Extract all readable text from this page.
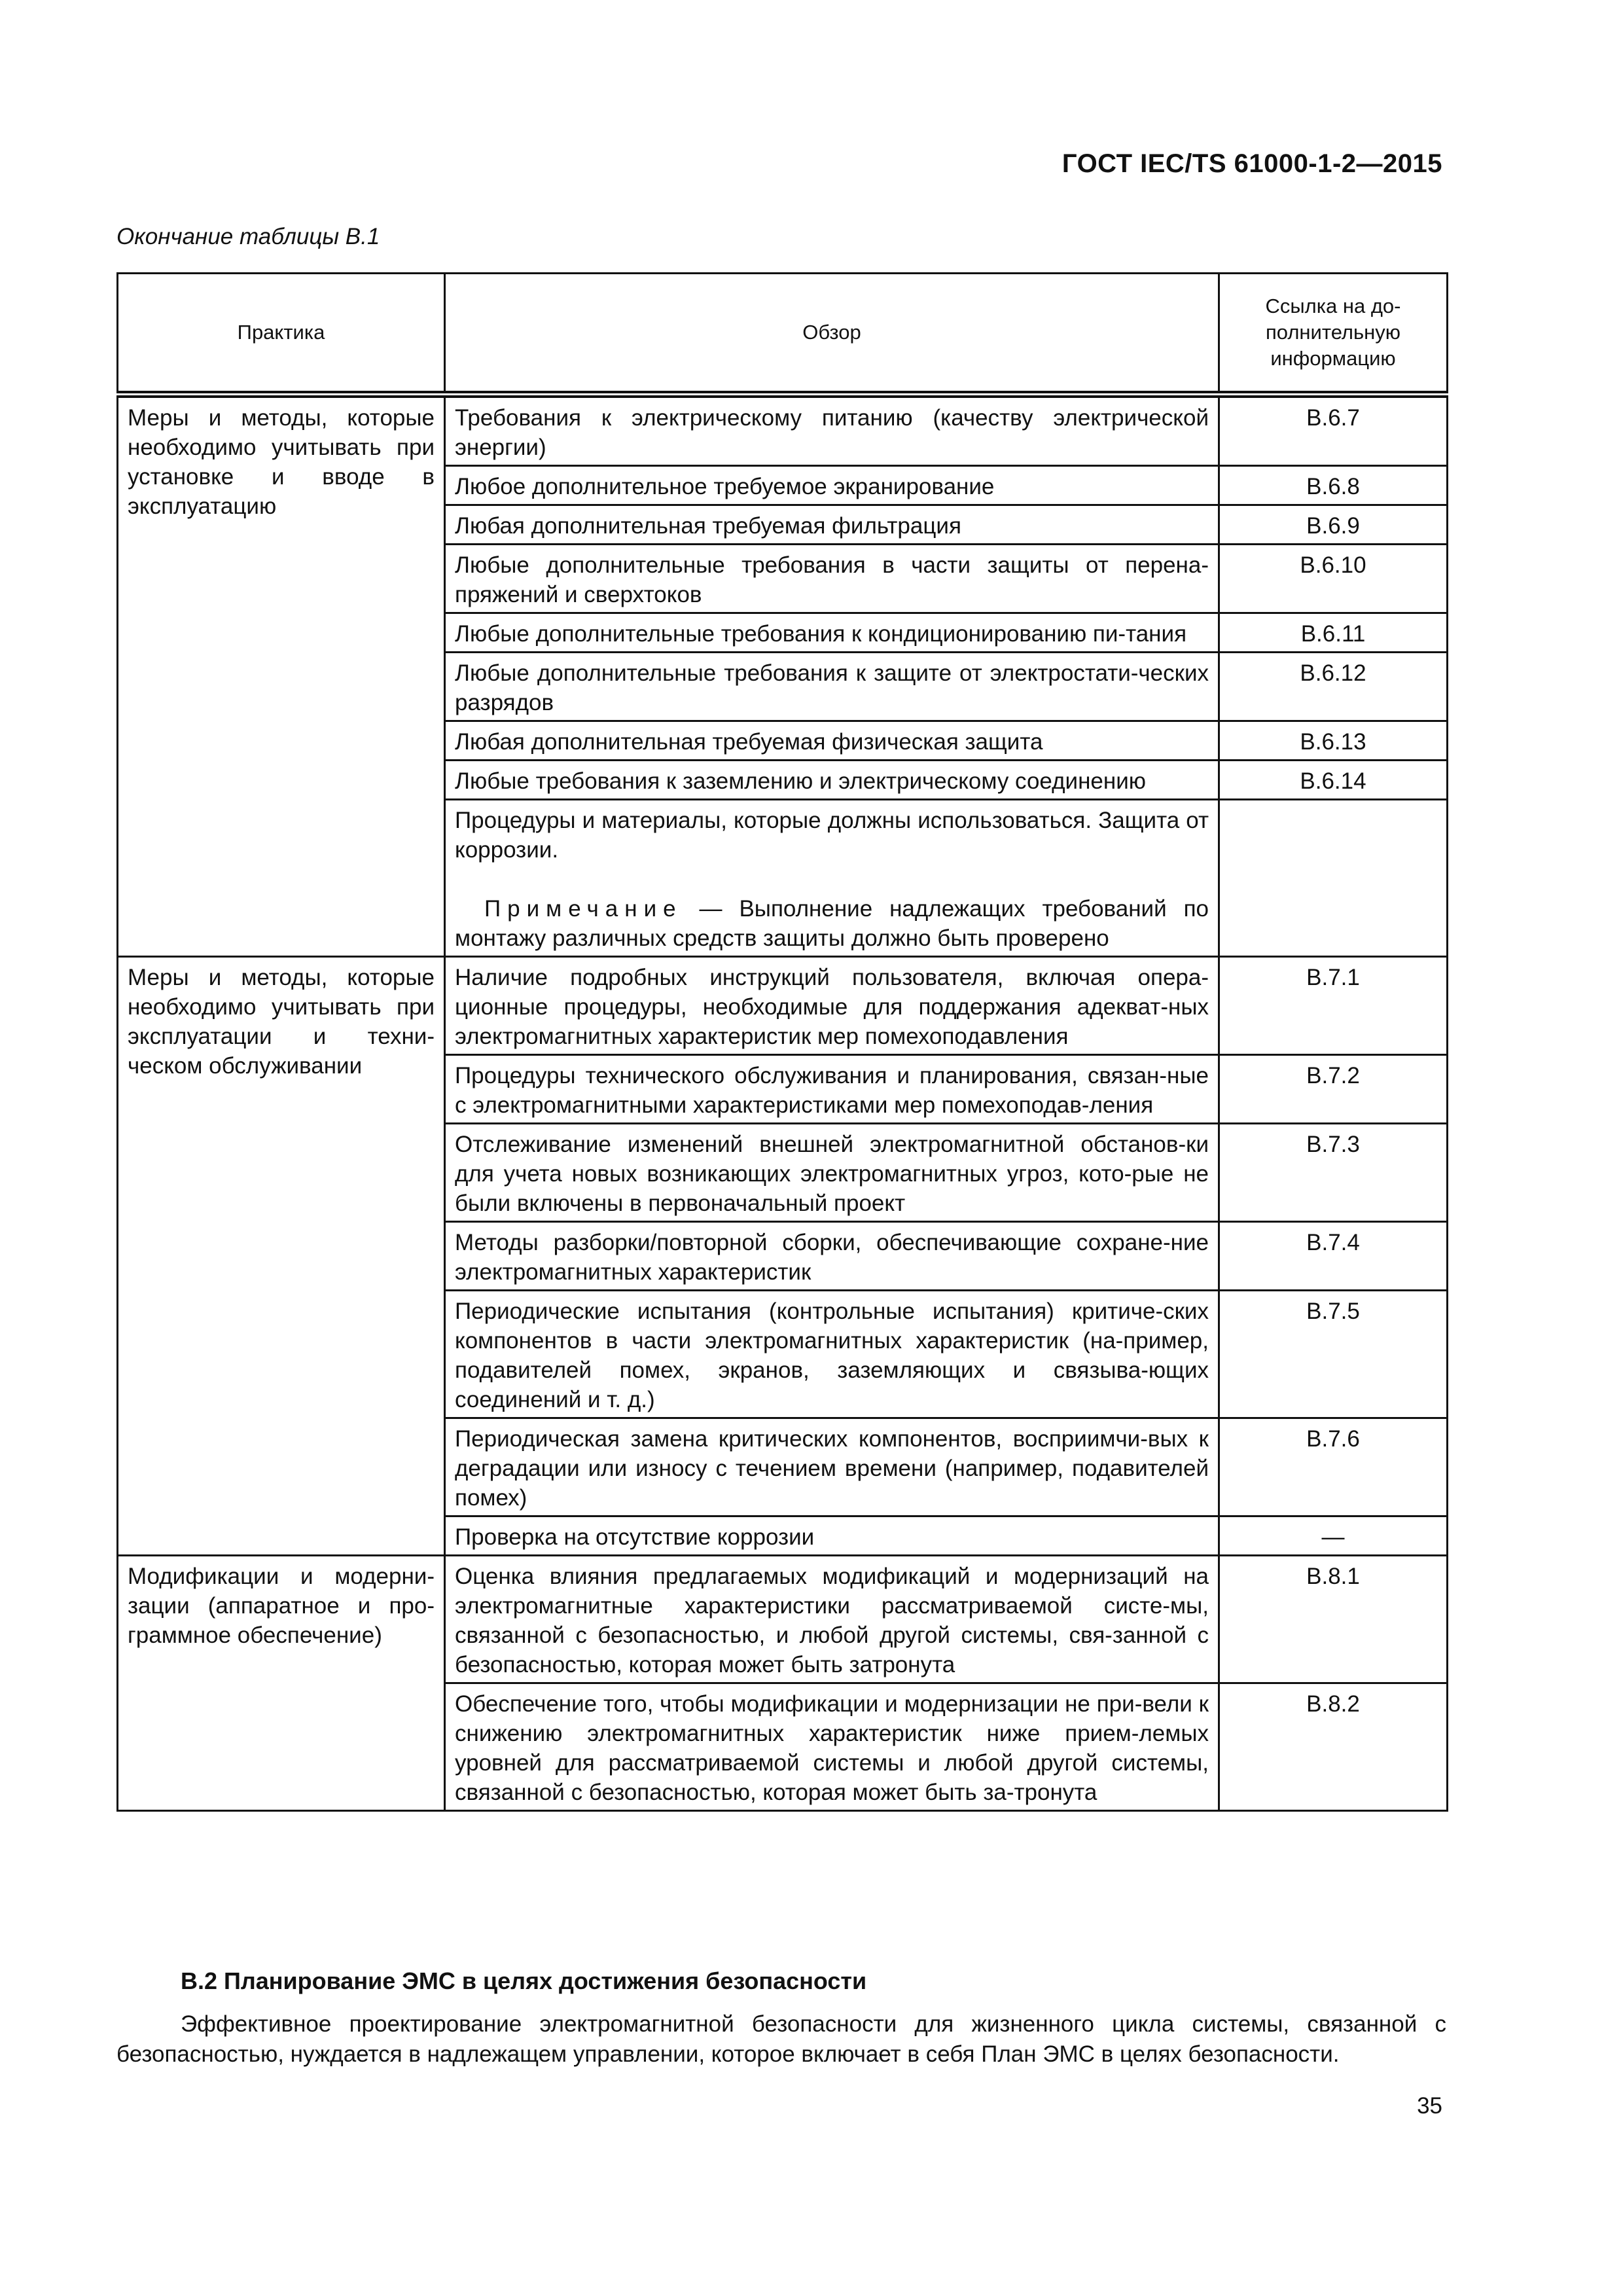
ГОСТ IEC/TS 61000-1-2—2015
Окончание таблицы В.1
Практика	Обзор	Ссылка на до-полнительную информацию
Меры и методы, которые необходимо учитывать при установке и вводе в эксплуатацию	Требования к электрическому питанию (качеству электрической энергии)	В.6.7
	Любое дополнительное требуемое экранирование	В.6.8
	Любая дополнительная требуемая фильтрация	В.6.9
	Любые дополнительные требования в части защиты от перена-пряжений и сверхтоков	В.6.10
	Любые дополнительные требования к кондиционированию пи-тания	В.6.11
	Любые дополнительные требования к защите от электростати-ческих разрядов	В.6.12
	Любая дополнительная требуемая физическая защита	В.6.13
	Любые требования к заземлению и электрическому соединению	В.6.14
	Процедуры и материалы, которые должны использоваться. Защита от коррозии.
Примечание — Выполнение надлежащих требований по монтажу различных средств защиты должно быть проверено	

Меры и методы, которые необходимо учитывать при эксплуатации и техни-ческом обслуживании	Наличие подробных инструкций пользователя, включая опера-ционные процедуры, необходимые для поддержания адекват-ных электромагнитных характеристик мер помехоподавления	В.7.1
	Процедуры технического обслуживания и планирования, связан-ные с электромагнитными характеристиками мер помехоподав-ления	В.7.2
	Отслеживание изменений внешней электромагнитной обстанов-ки для учета новых возникающих электромагнитных угроз, кото-рые не были включены в первоначальный проект	В.7.3
	Методы разборки/повторной сборки, обеспечивающие сохране-ние электромагнитных характеристик	В.7.4
	Периодические испытания (контрольные испытания) критиче-ских компонентов в части электромагнитных характеристик (на-пример, подавителей помех, экранов, заземляющих и связыва-ющих соединений и т. д.)	В.7.5
	Периодическая замена критических компонентов, восприимчи-вых к деградации или износу с течением времени (например, подавителей помех)	В.7.6
	Проверка на отсутствие коррозии	—
Модификации и модерни-зации (аппаратное и про-граммное обеспечение)	Оценка влияния предлагаемых модификаций и модернизаций на электромагнитные характеристики рассматриваемой систе-мы, связанной с безопасностью, и любой другой системы, свя-занной с безопасностью, которая может быть затронута	В.8.1
	Обеспечение того, чтобы модификации и модернизации не при-вели к снижению электромагнитных характеристик ниже прием-лемых уровней для рассматриваемой системы и любой другой системы, связанной с безопасностью, которая может быть за-тронута	В.8.2
В.2 Планирование ЭМС в целях достижения безопасности
Эффективное проектирование электромагнитной безопасности для жизненного цикла системы, связанной с безопасностью, нуждается в надлежащем управлении, которое включает в себя План ЭМС в целях безопасности.
35
